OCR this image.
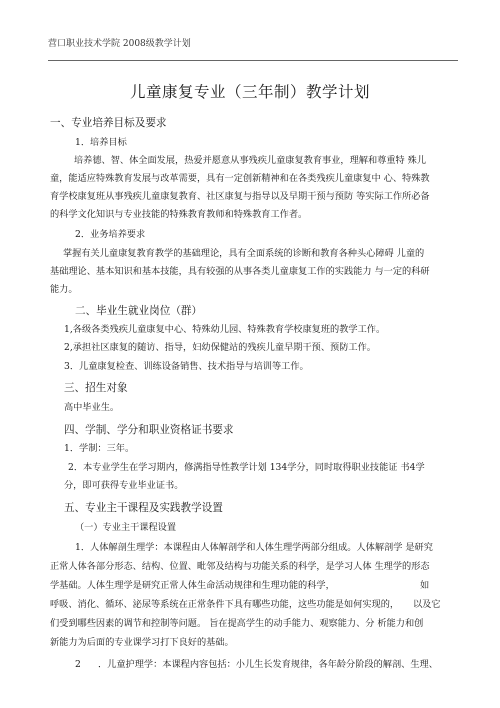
营口职业技术学院 2008级教学计划
儿童康复专业（三年制）教学计划
一、专业培养目标及要求
1．培养目标
培养德、智、体全面发展，热爱并愿意从事残疾儿童康复教育事业，理解和尊重特 殊儿
童，能适应特殊教育发展与改革需要，具有一定创新精神和在各类残疾儿童康复中 心、特殊教
育学校康复班从事残疾儿童康复教育、社区康复与指导以及早期干预与预防 等实际工作所必备
的科学文化知识与专业技能的特殊教育教师和特殊教育工作者。
2．业务培养要求
掌握有关儿童康复教育教学的基础理论，具有全面系统的诊断和教育各种头心障碍 儿童的
基础理论、基本知识和基本技能，具有较强的从事各类儿童康复工作的实践能力 与一定的科研
能力。
二、毕业生就业岗位（群）
1,各级各类残疾儿童康复中心、特殊幼儿园、特殊教育学校康复班的教学工作。
2,承担社区康复的随访、指导，妇幼保健站的残疾儿童早期干预、预防工作。
3．儿童康复检查、训练设备销售、技术指导与培训等工作。
三、招生对象
高中毕业生。
四、学制、学分和职业资格证书要求
1．学制：三年。
2．本专业学生在学习期内，修满指导性教学计划 134学分，同时取得职业技能证 书4学
分，即可获得专业毕业证书。
五、专业主干课程及实践教学设置
（一）专业主干课程设置
1．人体解剖生理学：本课程由人体解剖学和人体生理学两部分组成。人体解剖学 是研究
正常人体各部分形态、结构、位置、毗邻及结构与功能关系的科学，是学习人体 生理学的形态
学基础。人体生理学是研究正常人体生命活动规律和生理功能的科学，	如
呼吸、消化、循环、泌尿等系统在正常条件下具有哪些功能，这些功能是如何实现的， 以及它
们受到哪些因素的调节和控制等问题。 旨在提高学生的动手能力、观察能力、分 析能力和创
新能力为后面的专业课学习打下良好的基础。
2 ．儿童护理学：本课程内容包括：小儿生长发育规律，各年龄分阶段的解剖、生理、
